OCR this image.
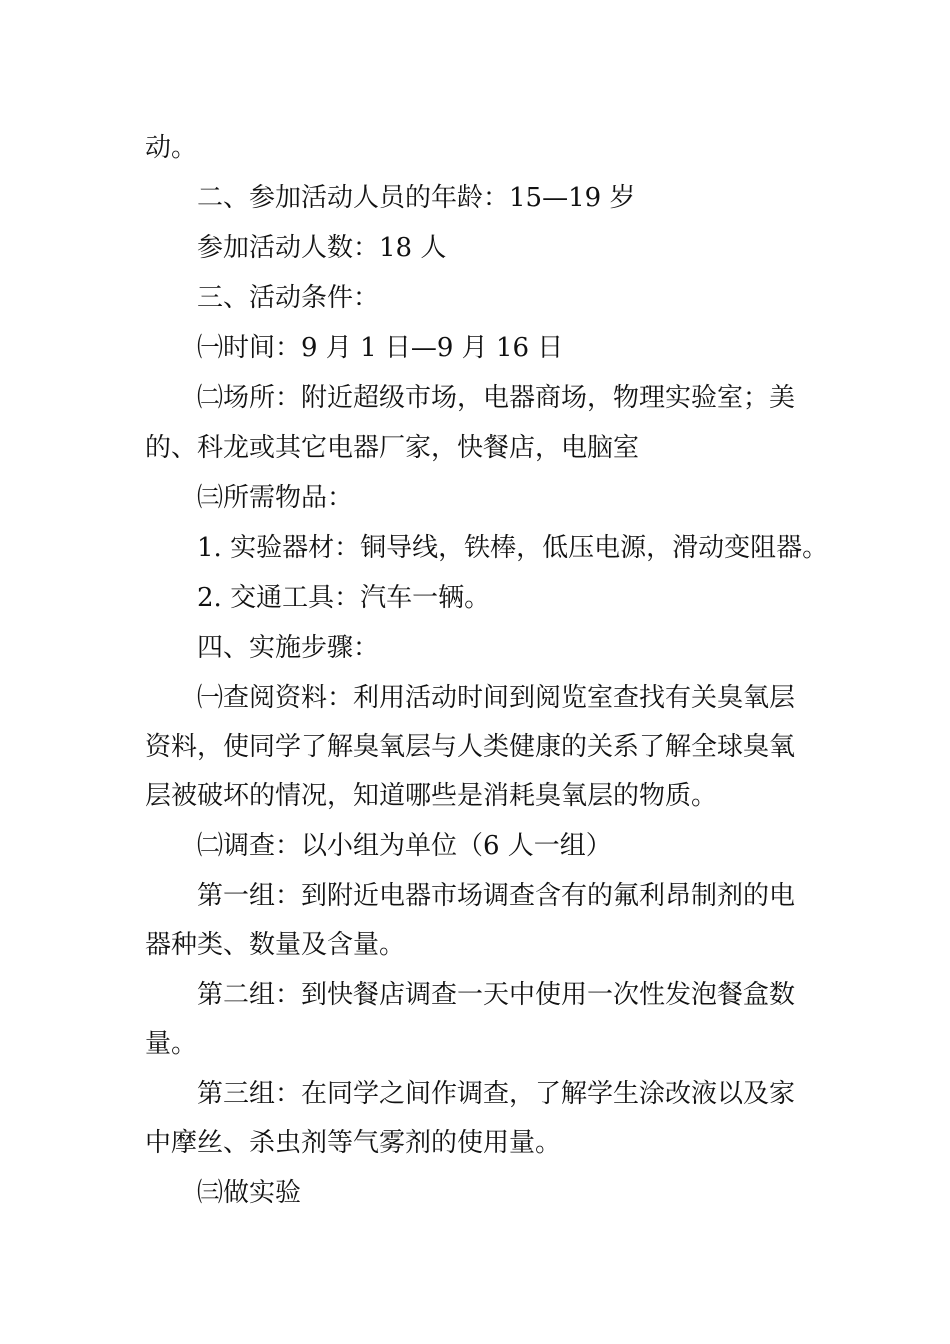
动。
二、参加活动人员的年龄：15—19 岁
参加活动人数：18 人
三、活动条件：
㈠时间：9 月 1 日—9 月 16 日
㈡场所：附近超级市场，电器商场，物理实验室；美
的、科龙或其它电器厂家，快餐店，电脑室
㈢所需物品：
1. 实验器材：铜导线，铁棒，低压电源，滑动变阻器。
2. 交通工具：汽车一辆。
四、实施步骤：
㈠查阅资料：利用活动时间到阅览室查找有关臭氧层
资料，使同学了解臭氧层与人类健康的关系了解全球臭氧
层被破坏的情况，知道哪些是消耗臭氧层的物质。
㈡调查：以小组为单位（6 人一组）
第一组：到附近电器市场调查含有的氟利昂制剂的电
器种类、数量及含量。
第二组：到快餐店调查一天中使用一次性发泡餐盒数
量。
第三组：在同学之间作调查，了解学生涂改液以及家
中摩丝、杀虫剂等气雾剂的使用量。
㈢做实验
